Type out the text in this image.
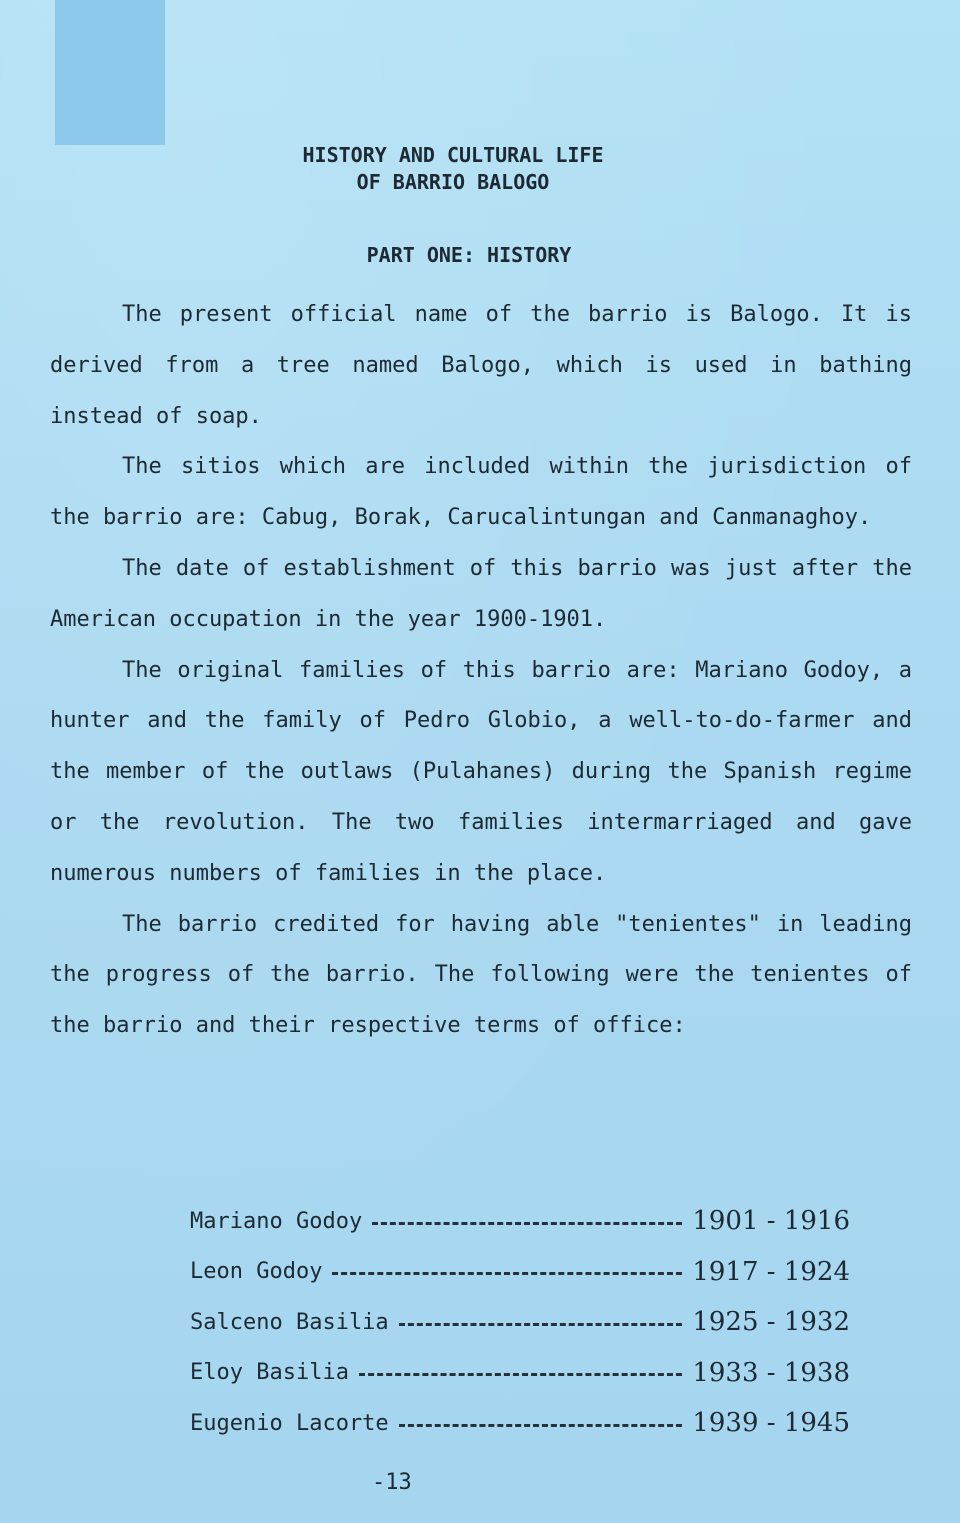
HISTORY AND CULTURAL LIFE
OF BARRIO BALOGO
PART ONE: HISTORY

The present official name of the barrio is Balogo. It is derived from a tree named Balogo, which is used in bathing instead of soap.

The sitios which are included within the jurisdiction of the barrio are: Cabug, Borak, Carucalintungan and Canmanaghoy.

The date of establishment of this barrio was just after the American occupation in the year 1900-1901.

The original families of this barrio are: Mariano Godoy, a hunter and the family of Pedro Globio, a well-to-do-farmer and the member of the outlaws (Pulahanes) during the Spanish regime or the revolution. The two families intermarriaged and gave numerous numbers of families in the place.

The barrio credited for having able "tenientes" in leading the progress of the barrio. The following were the tenientes of the barrio and their respective terms of office:

Mariano Godoy	1901 - 1916
Leon Godoy	1917 - 1924
Salceno Basilia	1925 - 1932
Eloy Basilia	1933 - 1938
Eugenio Lacorte	1939 - 1945
-13
